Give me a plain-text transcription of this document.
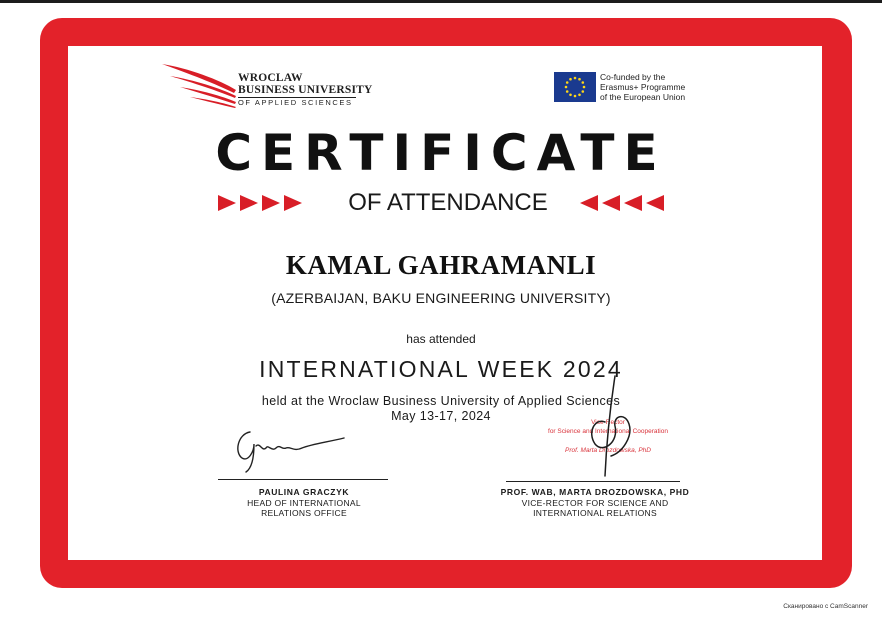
WROCLAW
BUSINESS UNIVERSITY
OF APPLIED SCIENCES
Co-funded by the
Erasmus+ Programme
of the European Union
CERTIFICATE
OF ATTENDANCE
KAMAL GAHRAMANLI
(AZERBAIJAN, BAKU ENGINEERING UNIVERSITY)
has attended
INTERNATIONAL WEEK 2024
held at the Wroclaw Business University of Applied Sciences
May 13-17, 2024	Vice-Rector
for Science and International Cooperation
Prof. Marta Drozdowska, PhD
PAULINA GRACZYK
HEAD OF INTERNATIONAL
RELATIONS OFFICE
PROF. WAB, MARTA DROZDOWSKA, PHD
VICE-RECTOR FOR SCIENCE AND
INTERNATIONAL RELATIONS
Сканировано с CamScanner
